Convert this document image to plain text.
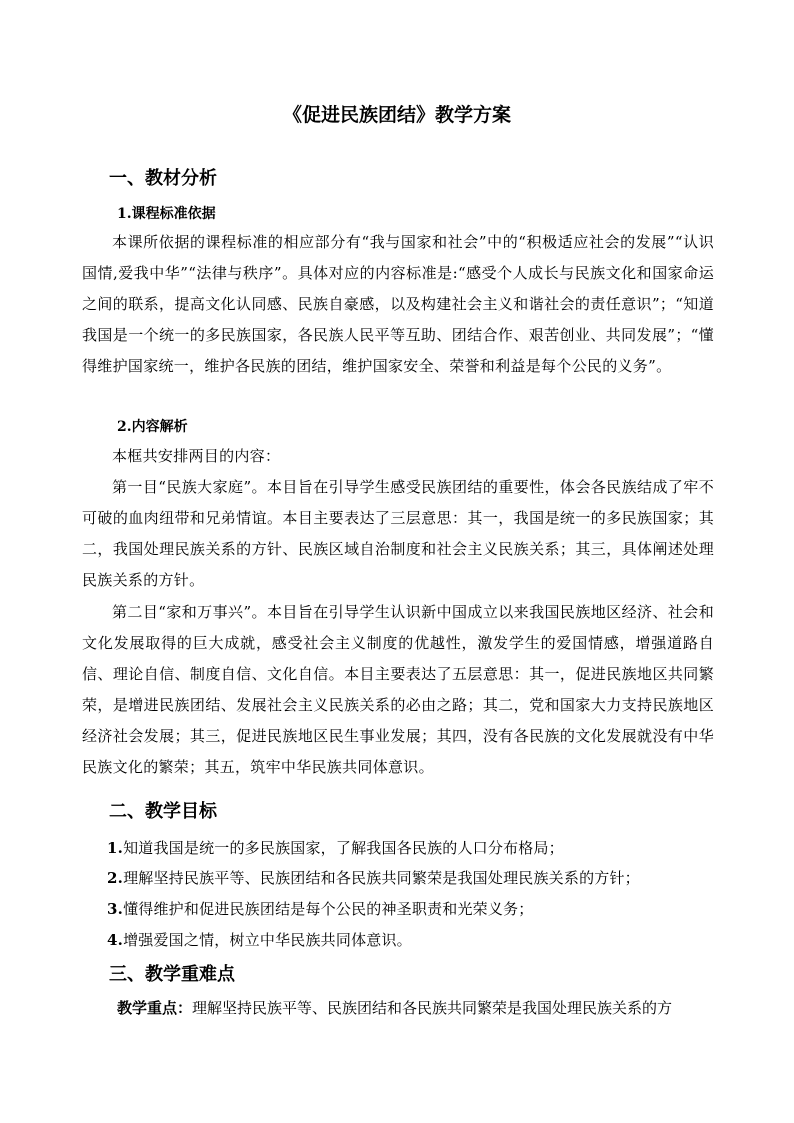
《促进民族团结》教学方案
一、教材分析
1.课程标准依据
本课所依据的课程标准的相应部分有“我与国家和社会”中的“积极适应社会的发展”“认识国情,爱我中华”“法律与秩序”。具体对应的内容标准是:“感受个人成长与民族文化和国家命运之间的联系，提高文化认同感、民族自豪感，以及构建社会主义和谐社会的责任意识”；“知道我国是一个统一的多民族国家，各民族人民平等互助、团结合作、艰苦创业、共同发展”；“懂得维护国家统一，维护各民族的团结，维护国家安全、荣誉和利益是每个公民的义务”。
2.内容解析
本框共安排两目的内容：
第一目“民族大家庭”。本目旨在引导学生感受民族团结的重要性，体会各民族结成了牢不可破的血肉纽带和兄弟情谊。本目主要表达了三层意思：其一，我国是统一的多民族国家；其二，我国处理民族关系的方针、民族区域自治制度和社会主义民族关系；其三，具体阐述处理民族关系的方针。
第二目“家和万事兴”。本目旨在引导学生认识新中国成立以来我国民族地区经济、社会和文化发展取得的巨大成就，感受社会主义制度的优越性，激发学生的爱国情感，增强道路自信、理论自信、制度自信、文化自信。本目主要表达了五层意思：其一，促进民族地区共同繁荣，是增进民族团结、发展社会主义民族关系的必由之路；其二，党和国家大力支持民族地区经济社会发展；其三，促进民族地区民生事业发展；其四，没有各民族的文化发展就没有中华民族文化的繁荣；其五，筑牢中华民族共同体意识。
二、教学目标
1.知道我国是统一的多民族国家，了解我国各民族的人口分布格局；
2.理解坚持民族平等、民族团结和各民族共同繁荣是我国处理民族关系的方针；
3.懂得维护和促进民族团结是每个公民的神圣职责和光荣义务；
4.增强爱国之情，树立中华民族共同体意识。
三、教学重难点
教学重点：理解坚持民族平等、民族团结和各民族共同繁荣是我国处理民族关系的方
